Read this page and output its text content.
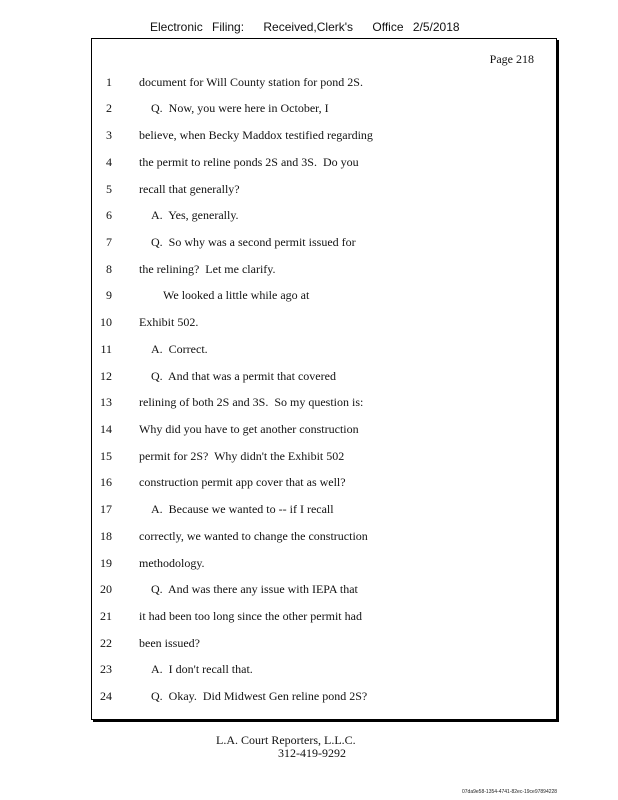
Electronic Filing: Received,Clerk's Office 2/5/2018
Page 218
1 document for Will County station for pond 2S.
2 Q.  Now, you were here in October, I
3 believe, when Becky Maddox testified regarding
4 the permit to reline ponds 2S and 3S.  Do you
5 recall that generally?
6 A.  Yes, generally.
7 Q.  So why was a second permit issued for
8 the relining?  Let me clarify.
9 We looked a little while ago at
10 Exhibit 502.
11 A.  Correct.
12 Q.  And that was a permit that covered
13 relining of both 2S and 3S.  So my question is:
14 Why did you have to get another construction
15 permit for 2S?  Why didn't the Exhibit 502
16 construction permit app cover that as well?
17 A.  Because we wanted to -- if I recall
18 correctly, we wanted to change the construction
19 methodology.
20 Q.  And was there any issue with IEPA that
21 it had been too long since the other permit had
22 been issued?
23 A.  I don't recall that.
24 Q.  Okay.  Did Midwest Gen reline pond 2S?
L.A. Court Reporters, L.L.C.
312-419-9292
07da9e58-1354-4741-82ec-19ce97894228
